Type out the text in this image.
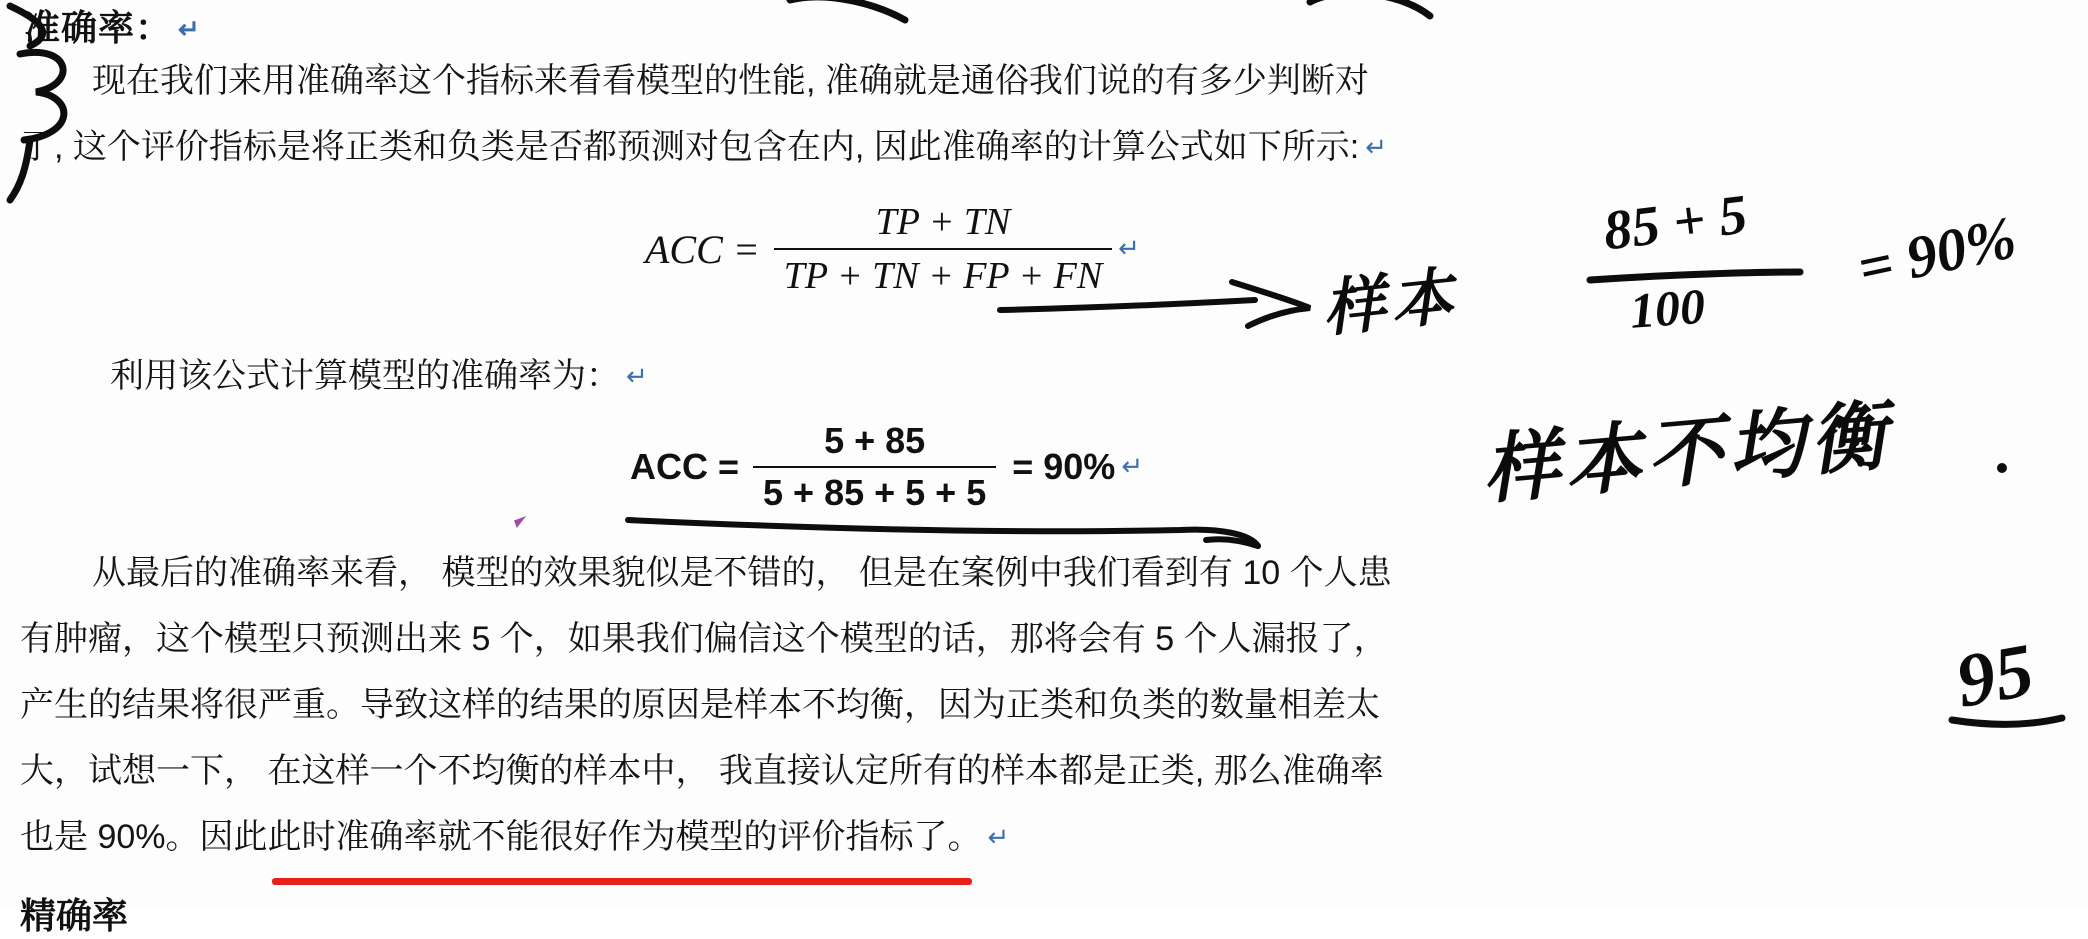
准确率： ↵
现在我们来用准确率这个指标来看看模型的性能, 准确就是通俗我们说的有多少判断对
了, 这个评价指标是将正类和负类是否都预测对包含在内, 因此准确率的计算公式如下所示: ↵
ACC = $\frac{TP + TN}{TP + TN + FP + FN}$ ↵
利用该公式计算模型的准确率为： ↵
ACC = $\frac{5 + 85}{5 + 85 + 5 + 5} = 90\%$ ↵
从最后的准确率来看， 模型的效果貌似是不错的， 但是在案例中我们看到有 10 个人患
有肿瘤，这个模型只预测出来 5 个，如果我们偏信这个模型的话，那将会有 5 个人漏报了，
产生的结果将很严重。导致这样的结果的原因是样本不均衡，因为正类和负类的数量相差太
大，试想一下， 在这样一个不均衡的样本中， 我直接认定所有的样本都是正类, 那么准确率
也是 90%。因此此时准确率就不能很好作为模型的评价指标了。 ↵
精确率
样本
85 + 5
100
= 90%
样本不均衡
95
